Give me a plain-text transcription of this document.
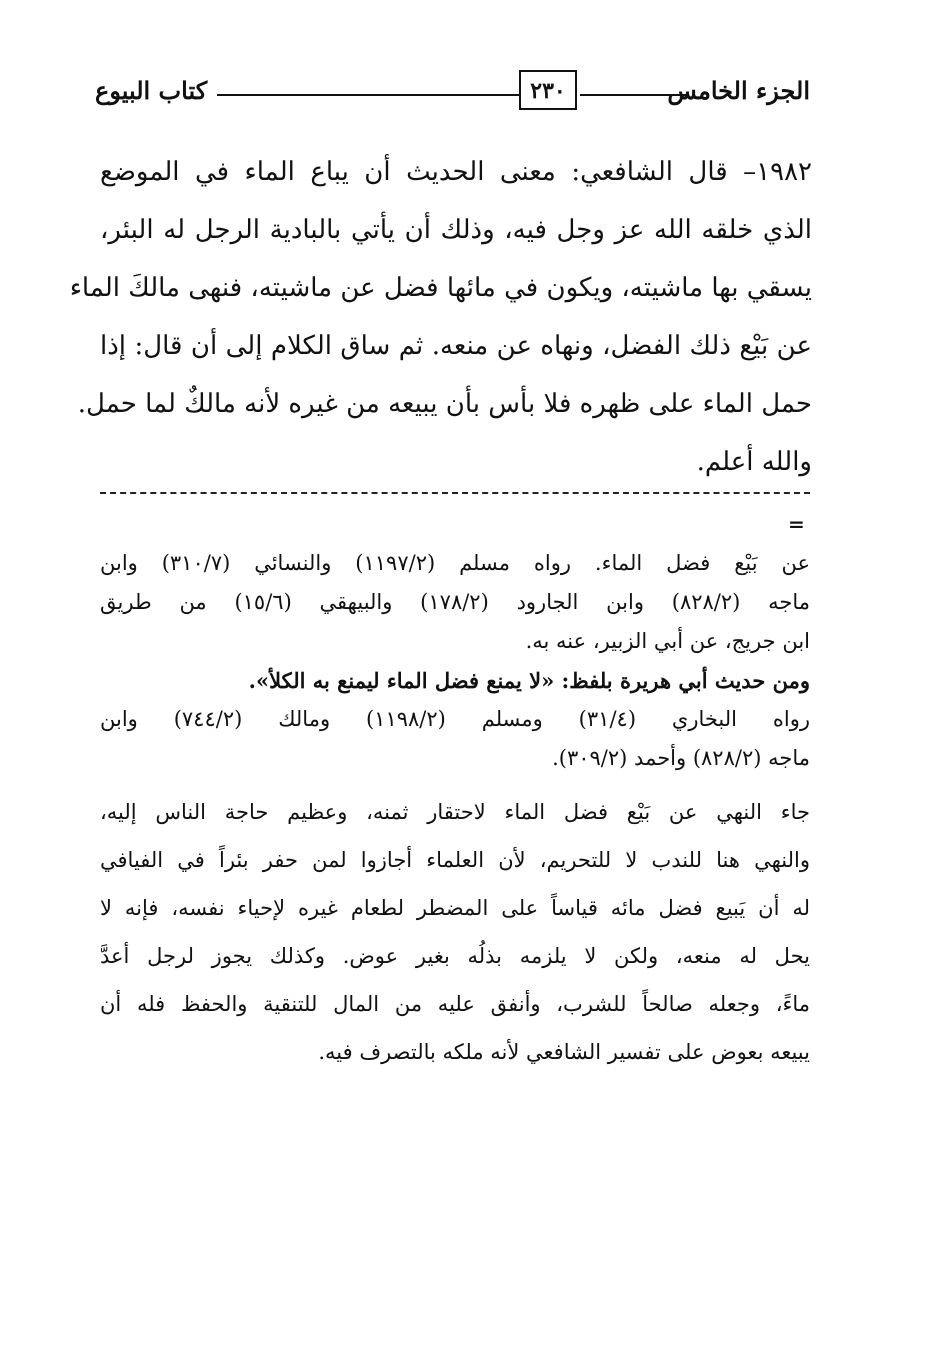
كتاب البيوع	٢٣٠	الجزء الخامس
١٩٨٢– قال الشافعي: معنى الحديث أن يباع الماء في الموضع
الذي خلقه الله عز وجل فيه، وذلك أن يأتي بالبادية الرجل له البئر،
يسقي بها ماشيته، ويكون في مائها فضل عن ماشيته، فنهى مالكَ الماء
عن بَيْع ذلك الفضل، ونهاه عن منعه. ثم ساق الكلام إلى أن قال: إذا
حمل الماء على ظهره فلا بأس بأن يبيعه من غيره لأنه مالكٌ لما حمل.
والله أعلم.
=
عن بَيْع فضل الماء. رواه مسلم (١١٩٧/٢) والنسائي (٣١٠/٧) وابن
ماجه (٨٢٨/٢) وابن الجارود (١٧٨/٢) والبيهقي (١٥/٦) من طريق
ابن جريج، عن أبي الزبير، عنه به.
ومن حديث أبي هريرة بلفظ: «لا يمنع فضل الماء ليمنع به الكلأ».
رواه البخاري (٣١/٤) ومسلم (١١٩٨/٢) ومالك (٧٤٤/٢) وابن
ماجه (٨٢٨/٢) وأحمد (٣٠٩/٢).
جاء النهي عن بَيْع فضل الماء لاحتقار ثمنه، وعظيم حاجة الناس إليه،
والنهي هنا للندب لا للتحريم، لأن العلماء أجازوا لمن حفر بئراً في الفيافي
له أن يَبيع فضل مائه قياساً على المضطر لطعام غيره لإحياء نفسه، فإنه لا
يحل له منعه، ولكن لا يلزمه بذلُه بغير عوض. وكذلك يجوز لرجل أعدَّ
ماءً، وجعله صالحاً للشرب، وأنفق عليه من المال للتنقية والحفظ فله أن
يبيعه بعوض على تفسير الشافعي لأنه ملكه بالتصرف فيه.
